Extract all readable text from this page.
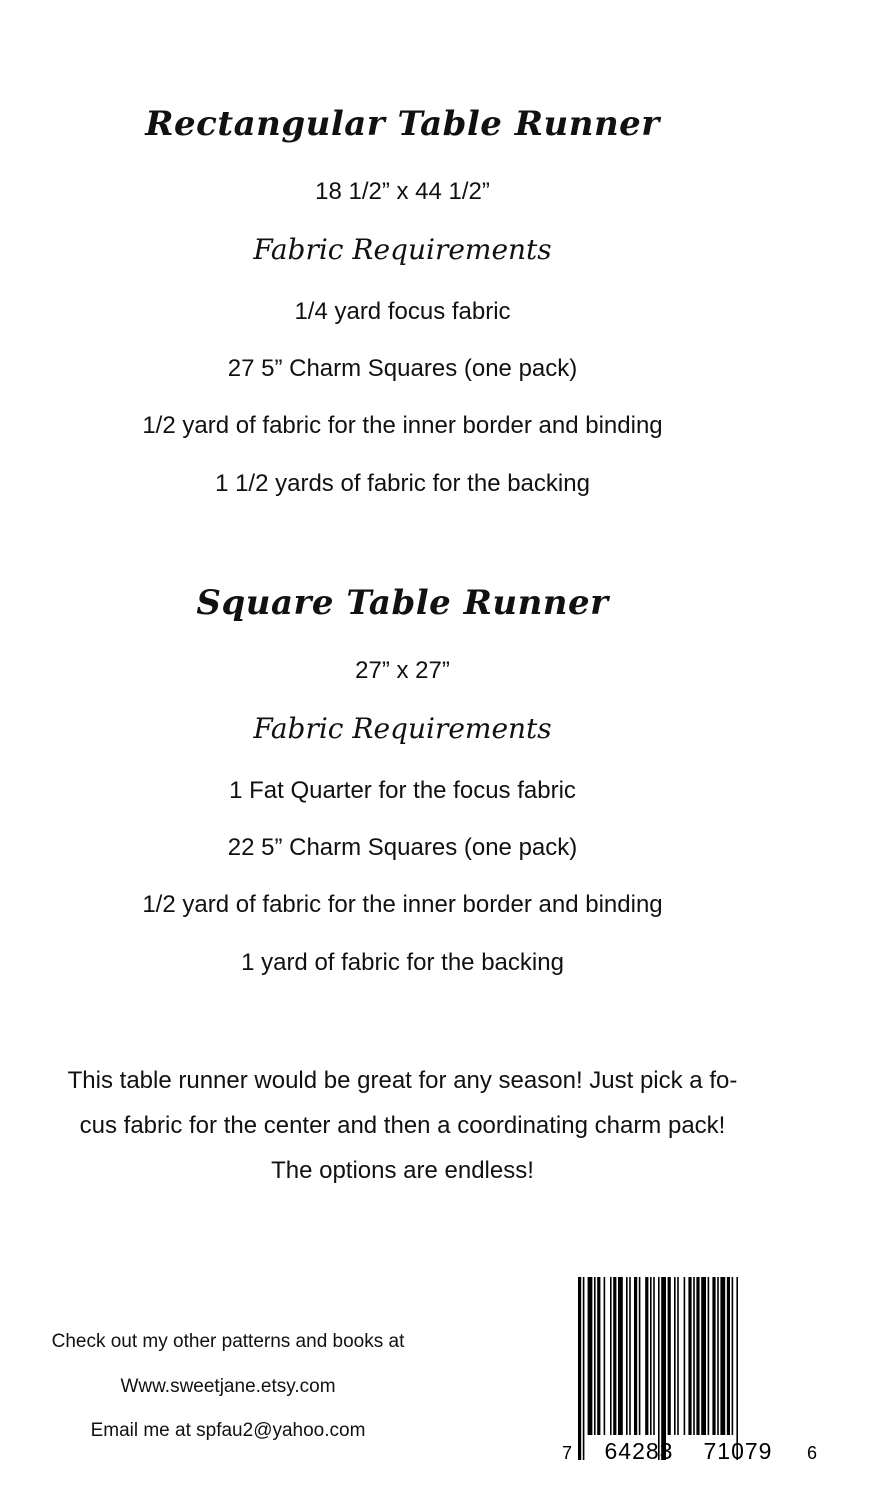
Rectangular Table Runner
18 1/2” x 44 1/2”
Fabric Requirements
1/4 yard focus fabric
27 5” Charm Squares (one pack)
1/2 yard of fabric for the inner border and binding
1 1/2 yards of fabric for the backing
Square Table Runner
27” x 27”
Fabric Requirements
1 Fat Quarter for the focus fabric
22 5” Charm Squares (one pack)
1/2 yard of fabric for the inner border and binding
1 yard of fabric for the backing
This table runner would be great for any season! Just pick a fo-
cus fabric for the center and then a coordinating charm pack!
The options are endless!
Check out my other patterns and books at
Www.sweetjane.etsy.com
Email me at spfau2@yahoo.com
7 64283 71079 6
